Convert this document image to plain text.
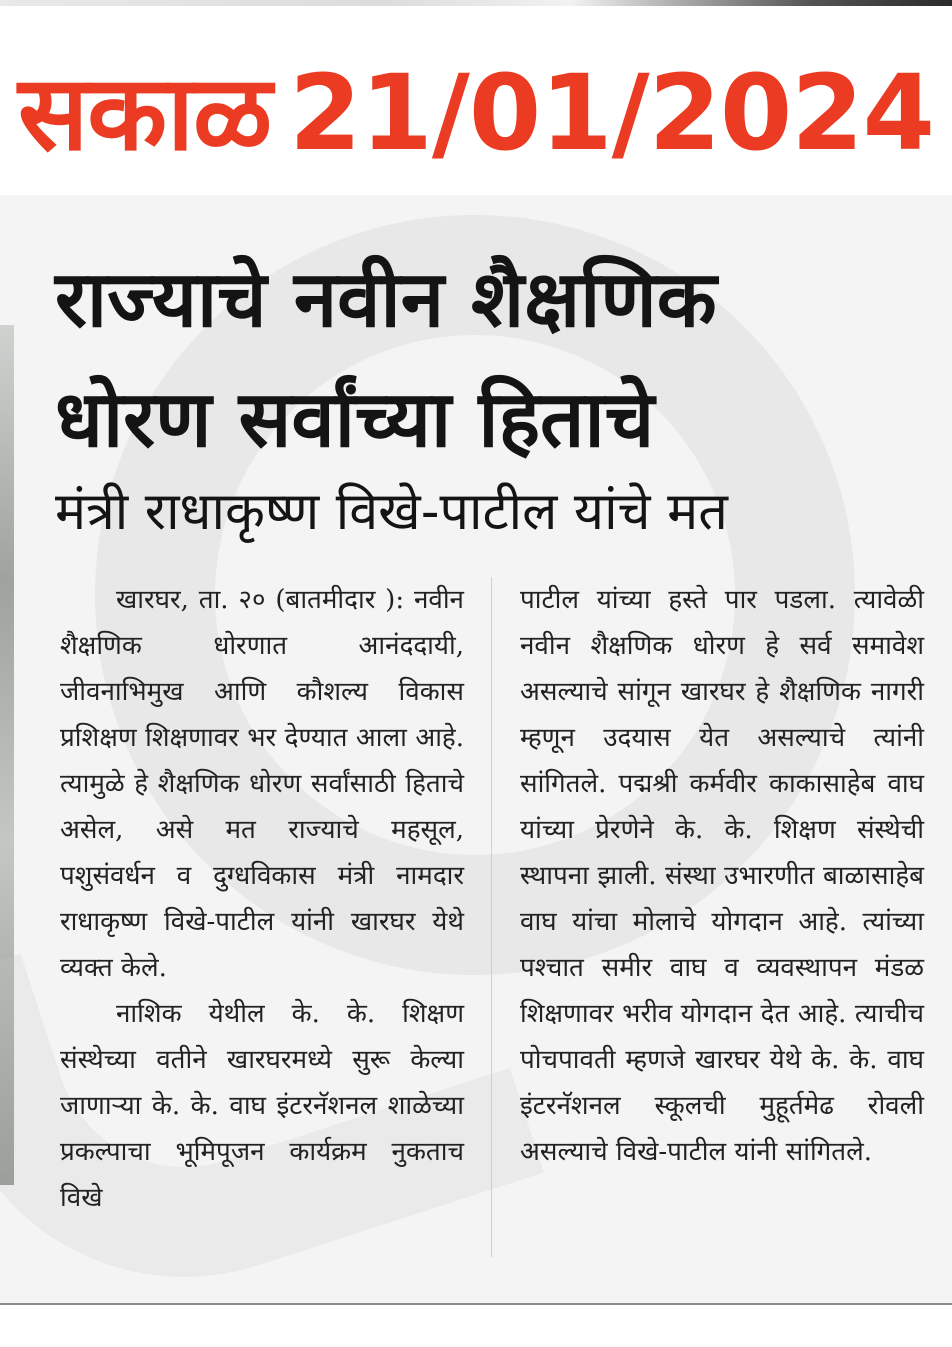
सकाळ 21/01/2024
राज्याचे नवीन शैक्षणिक
धोरण सर्वांच्या हिताचे
मंत्री राधाकृष्ण विखे-पाटील यांचे मत

खारघर, ता. २० (बातमीदार ): नवीन शैक्षणिक धोरणात आनंददायी, जीवनाभिमुख आणि कौशल्य विकास प्रशिक्षण शिक्षणावर भर देण्यात आला आहे. त्यामुळे हे शैक्षणिक धोरण सर्वांसाठी हिताचे असेल, असे मत राज्याचे महसूल, पशुसंवर्धन व दुग्धविकास मंत्री नामदार राधाकृष्ण विखे-पाटील यांनी खारघर येथे व्यक्त केले.

नाशिक येथील के. के. शिक्षण संस्थेच्या वतीने खारघरमध्ये सुरू केल्या जाणाऱ्या के. के. वाघ इंटरनॅशनल शाळेच्या प्रकल्पाचा भूमिपूजन कार्यक्रम नुकताच विखे

पाटील यांच्या हस्ते पार पडला. त्यावेळी नवीन शैक्षणिक धोरण हे सर्व समावेश असल्याचे सांगून खारघर हे शैक्षणिक नागरी म्हणून उदयास येत असल्याचे त्यांनी सांगितले. पद्मश्री कर्मवीर काकासाहेब वाघ यांच्या प्रेरणेने के. के. शिक्षण संस्थेची स्थापना झाली. संस्था उभारणीत बाळासाहेब वाघ यांचा मोलाचे योगदान आहे. त्यांच्या पश्चात समीर वाघ व व्यवस्थापन मंडळ शिक्षणावर भरीव योगदान देत आहे. त्याचीच पोचपावती म्हणजे खारघर येथे के. के. वाघ इंटरनॅशनल स्कूलची मुहूर्तमेढ रोवली असल्याचे विखे-पाटील यांनी सांगितले.
